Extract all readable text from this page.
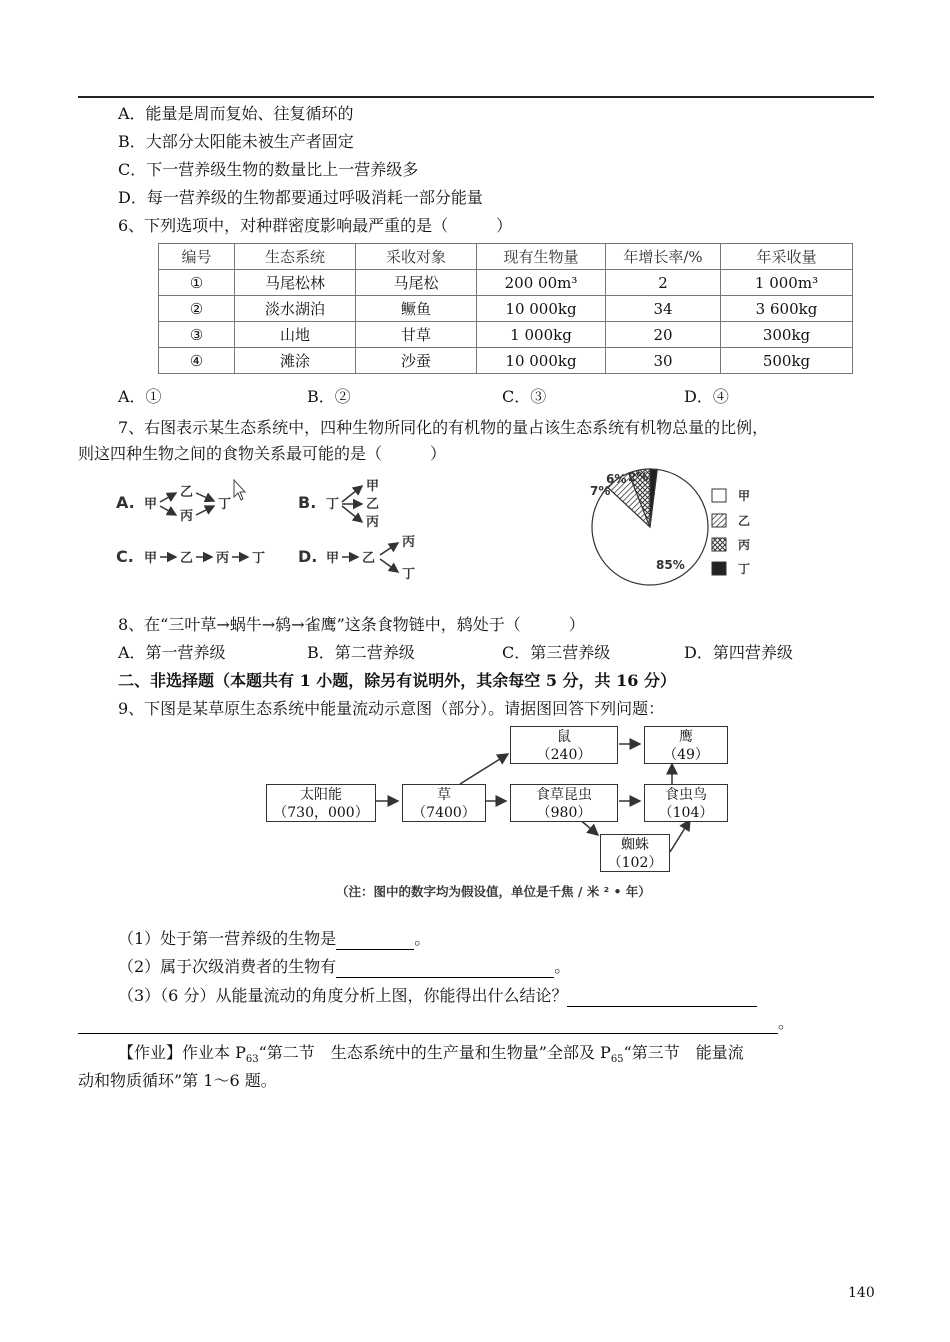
A．能量是周而复始、往复循环的
B．大部分太阳能未被生产者固定
C．下一营养级生物的数量比上一营养级多
D．每一营养级的生物都要通过呼吸消耗一部分能量
6、下列选项中，对种群密度影响最严重的是（　　　）
编号	生态系统	采收对象	现有生物量	年增长率/%	年采收量
①	马尾松林	马尾松	200 00m³	2	1 000m³
②	淡水湖泊	鳜鱼	10 000kg	34	3 600kg
③	山地	甘草	1 000kg	20	300kg
④	滩涂	沙蚕	10 000kg	30	500kg
A．①	B．②	C．③	D．④
7、右图表示某生态系统中，四种生物所同化的有机物的量占该生态系统有机物总量的比例，
则这四种生物之间的食物关系最可能的是（　　　）
A. 甲
乙
丙
丁	B. 丁
甲
乙
丙
C. 甲 乙 丙 丁 D. 甲 乙
丙
丁
7%
6% 2%
85%
甲
乙
丙
丁
8、在“三叶草→蜗牛→鸫→雀鹰”这条食物链中，鸫处于（　　　）
A．第一营养级	B．第二营养级	C．第三营养级	D．第四营养级
二、非选择题（本题共有 1 小题，除另有说明外，其余每空 5 分，共 16 分）
9、下图是某草原生态系统中能量流动示意图（部分）。请据图回答下列问题：
太阳能
（730，000）
草
（7400）
鼠
（240）
食草昆虫
（980）
鹰
（49）
食虫鸟
（104）
蜘蛛
（102）
（注：图中的数字均为假设值，单位是千焦 / 米 ² • 年）
（1）处于第一营养级的生物是	。
（2）属于次级消费者的生物有	。
（3）（6 分）从能量流动的角度分析上图，你能得出什么结论？
。
【作业】作业本 $P_{63}“$第二节　生态系统中的生产量和生物量”全部及 $P_{65}“$第三节　能量流
动和物质循环”第 1～6 题。
140
